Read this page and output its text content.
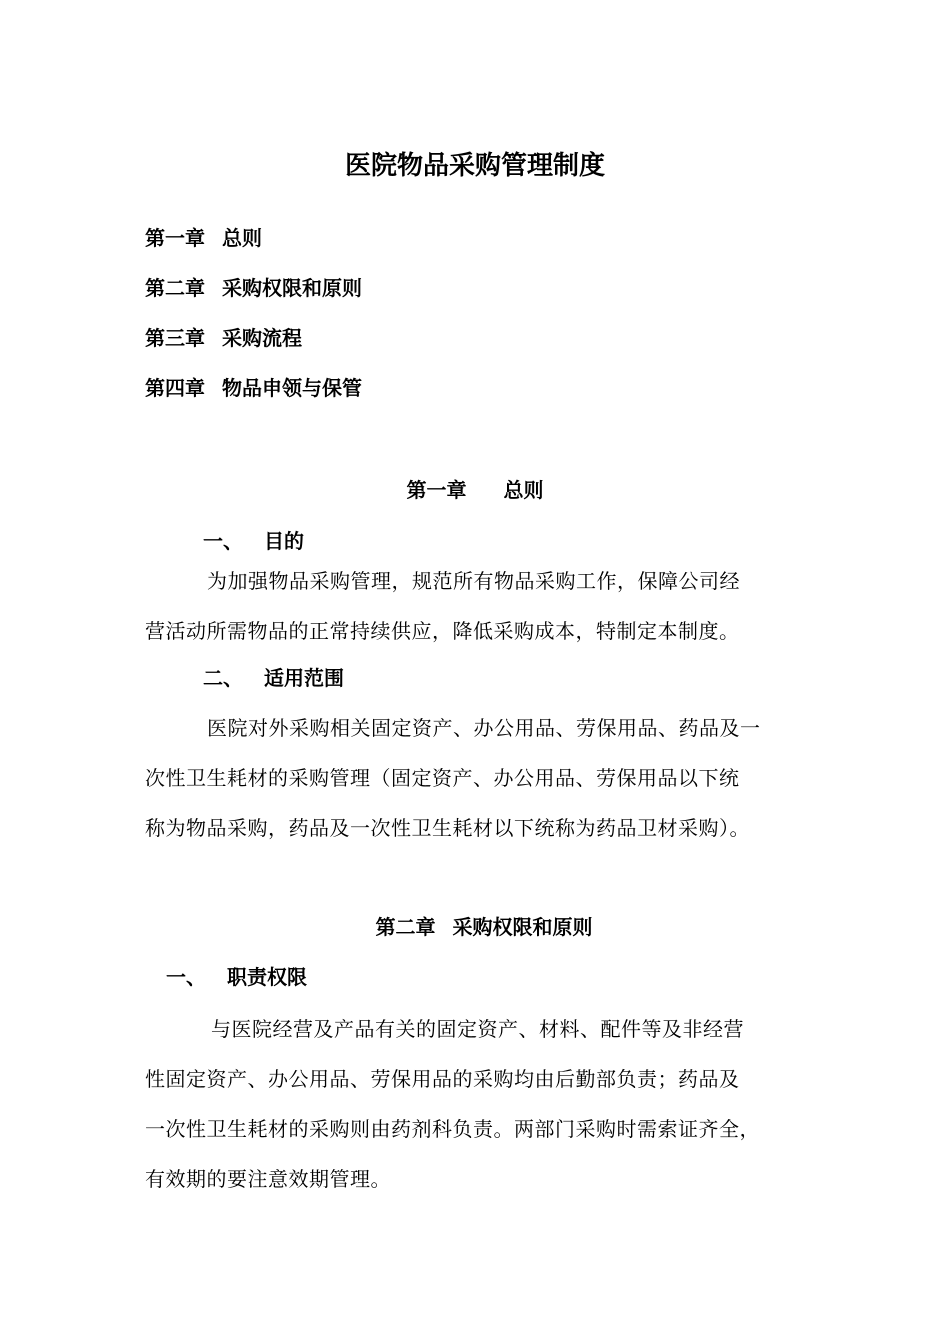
医院物品采购管理制度
第一章 总则
第二章 采购权限和原则
第三章 采购流程
第四章 物品申领与保管
第一章 总则
一、 目的
为加强物品采购管理，规范所有物品采购工作，保障公司经
营活动所需物品的正常持续供应，降低采购成本，特制定本制度。
二、 适用范围
医院对外采购相关固定资产、办公用品、劳保用品、药品及一
次性卫生耗材的采购管理（固定资产、办公用品、劳保用品以下统
称为物品采购，药品及一次性卫生耗材以下统称为药品卫材采购）。
第二章 采购权限和原则
一、 职责权限
与医院经营及产品有关的固定资产、材料、配件等及非经营
性固定资产、办公用品、劳保用品的采购均由后勤部负责；药品及
一次性卫生耗材的采购则由药剂科负责。两部门采购时需索证齐全，
有效期的要注意效期管理。
